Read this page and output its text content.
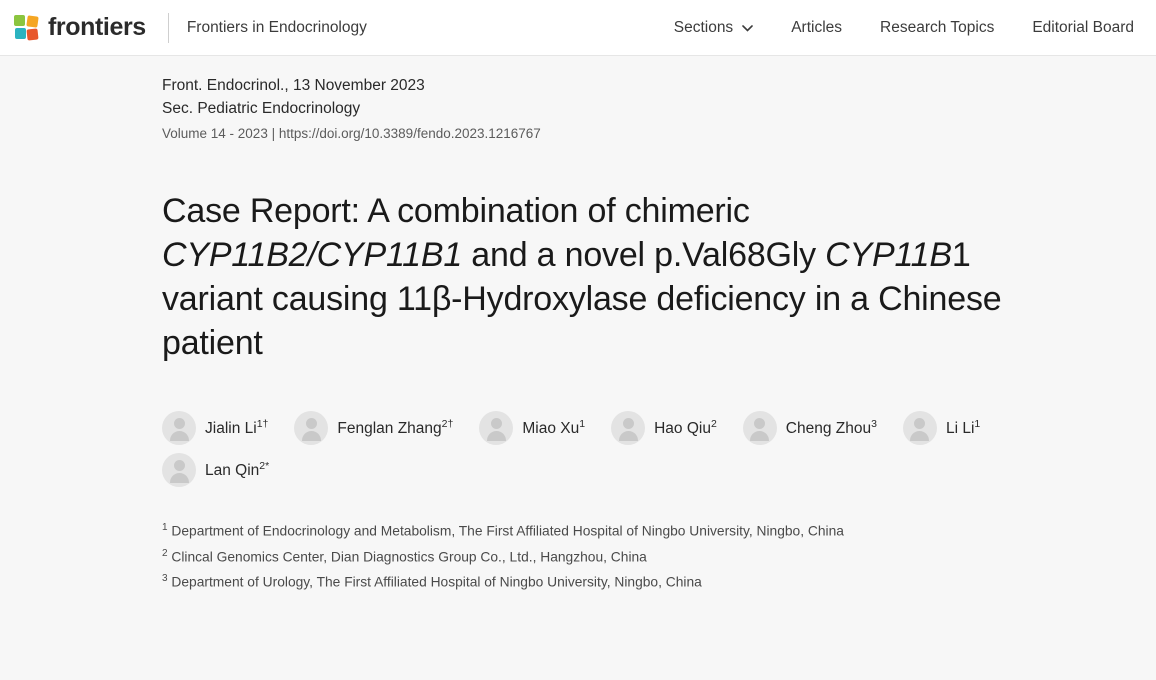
frontiers	Frontiers in Endocrinology	Sections	Articles Research Topics Editorial Board
Front. Endocrinol., 13 November 2023
Sec. Pediatric Endocrinology
Volume 14 - 2023 | https://doi.org/10.3389/fendo.2023.1216767
Case Report: A combination of chimeric CYP11B2/CYP11B1 and a novel p.Val68Gly CYP11B1 variant causing 11β-Hydroxylase deficiency in a Chinese patient
Jialin $Li^{1\dagger}$	Fenglan Zhang$^{2\dagger}$	Miao Xu$^1$	Hao Qiu$^2$	Cheng Zhou$^3$	Li Li$^1$
Lan Qin$^{2*}$
$^1$ Department of Endocrinology and Metabolism, The First Affiliated Hospital of Ningbo University, Ningbo, China
$^2$ Clincal Genomics Center, Dian Diagnostics Group Co., Ltd., Hangzhou, China
$^3$ Department of Urology, The First Affiliated Hospital of Ningbo University, Ningbo, China
